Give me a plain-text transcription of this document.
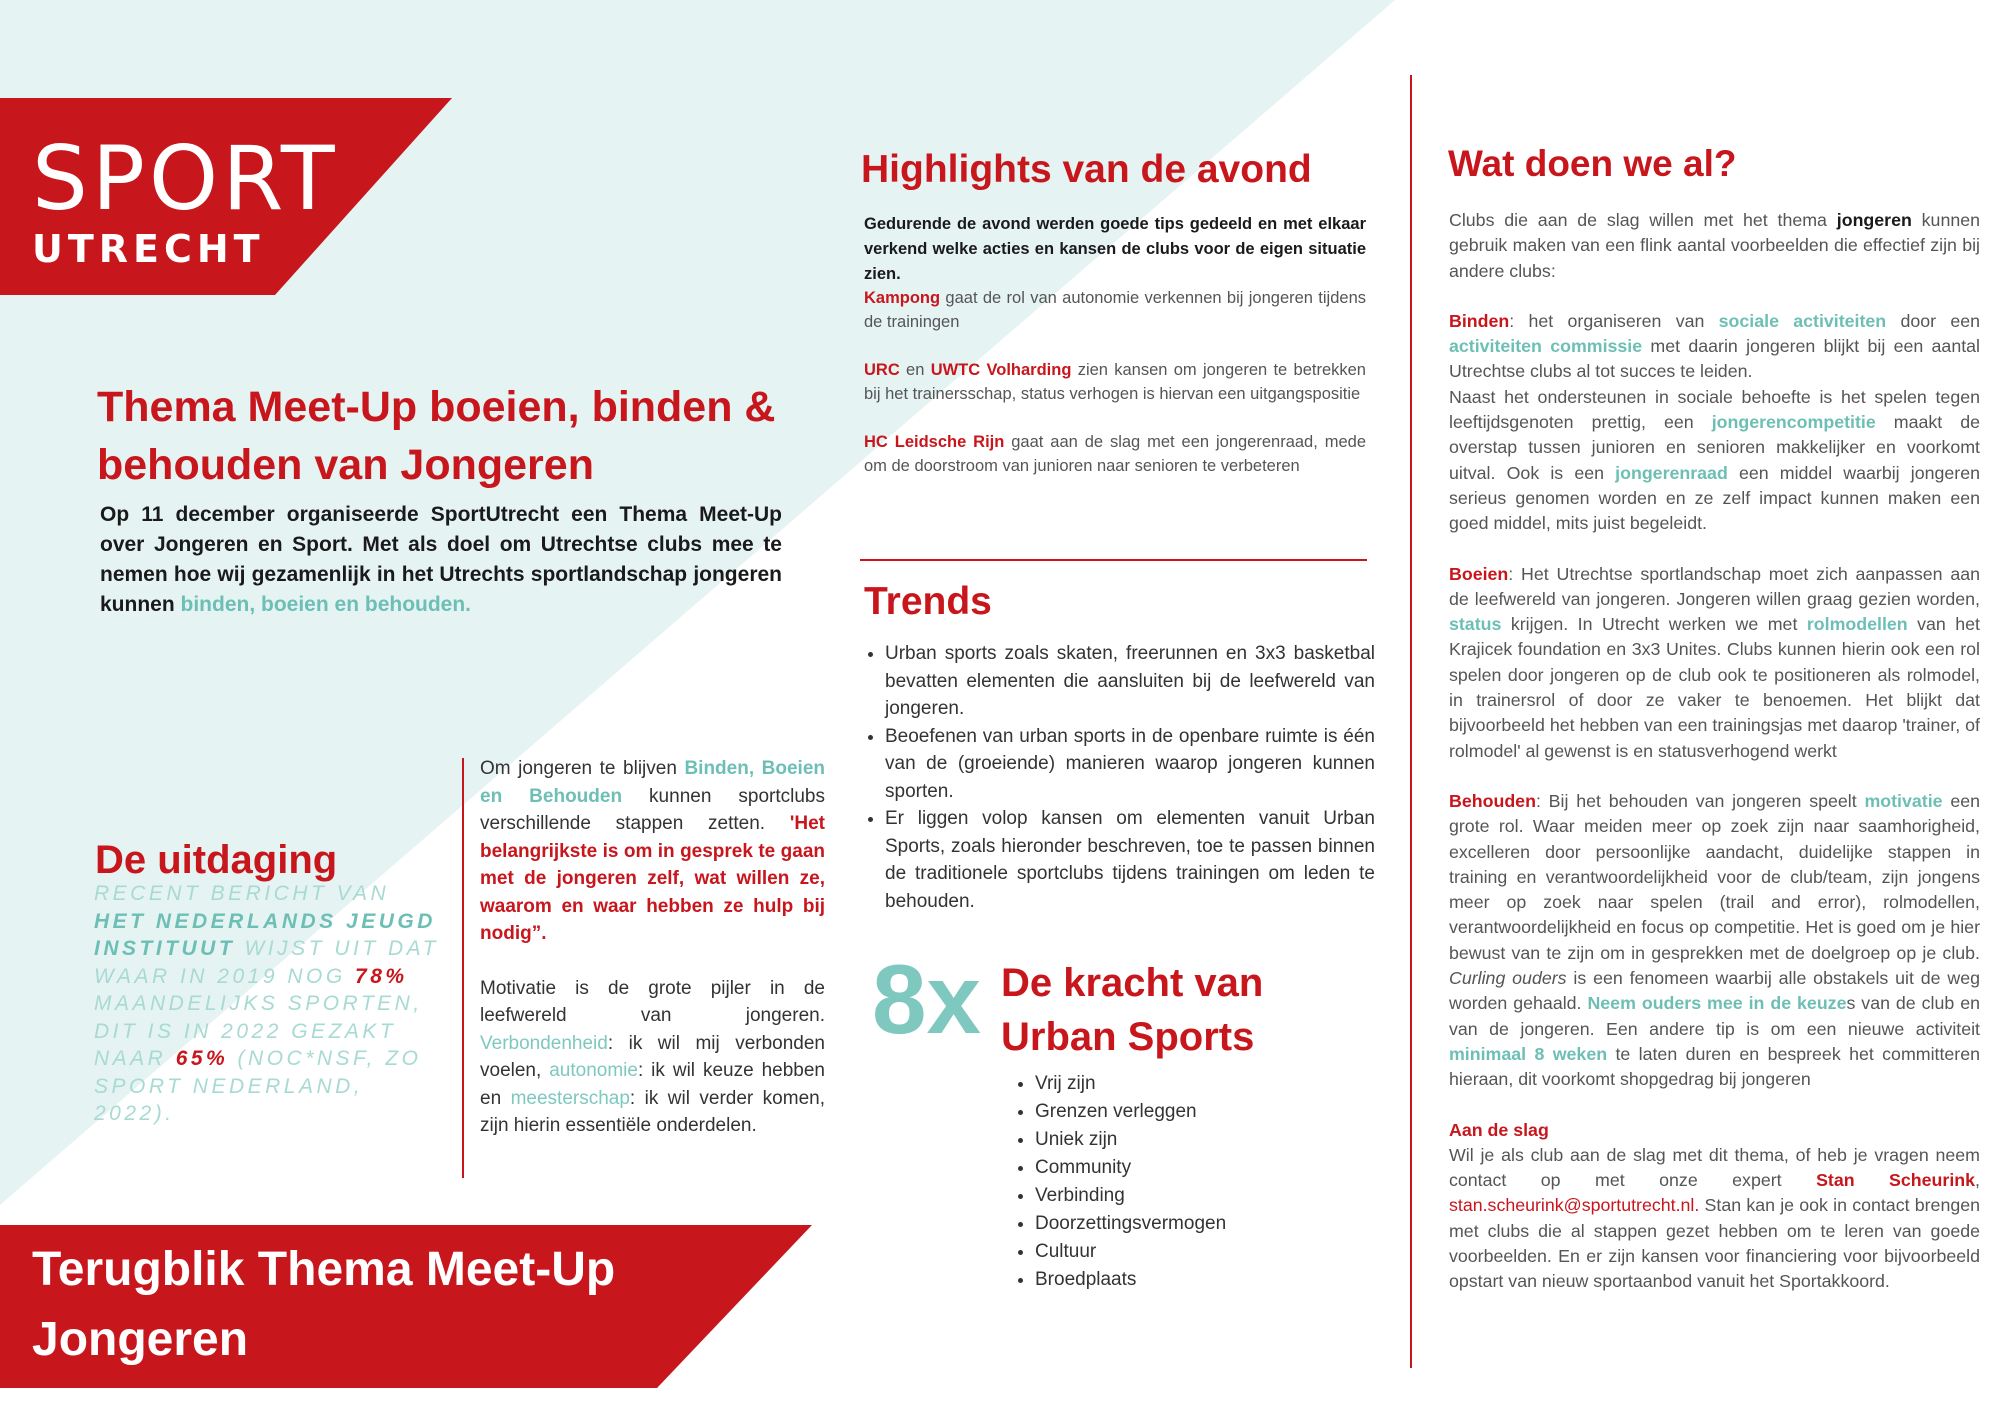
SPORT
UTRECHT
Thema Meet-Up boeien, binden & behouden van Jongeren
Op 11 december organiseerde SportUtrecht een Thema Meet-Up over Jongeren en Sport. Met als doel om Utrechtse clubs mee te nemen hoe wij gezamenlijk in het Utrechts sportlandschap jongeren kunnen binden, boeien en behouden.
De uitdaging
RECENT BERICHT VAN HET NEDERLANDS JEUGD INSTITUUT WIJST UIT DAT WAAR IN 2019 NOG 78% MAANDELIJKS SPORTEN, DIT IS IN 2022 GEZAKT NAAR 65% (NOC*NSF, ZO SPORT NEDERLAND, 2022).
Om jongeren te blijven Binden, Boeien en Behouden kunnen sportclubs verschillende stappen zetten. 'Het belangrijkste is om in gesprek te gaan met de jongeren zelf, wat willen ze, waarom en waar hebben ze hulp bij nodig”.
Motivatie is de grote pijler in de leefwereld van jongeren. Verbondenheid: ik wil mij verbonden voelen, autonomie: ik wil keuze hebben en meesterschap: ik wil verder komen, zijn hierin essentiële onderdelen.
Terugblik Thema Meet-Up
Jongeren
Highlights van de avond
Gedurende de avond werden goede tips gedeeld en met elkaar verkend welke acties en kansen de clubs voor de eigen situatie zien.

Kampong gaat de rol van autonomie verkennen bij jongeren tijdens de trainingen

URC en UWTC Volharding zien kansen om jongeren te betrekken bij het trainersschap, status verhogen is hiervan een uitgangspositie

HC Leidsche Rijn gaat aan de slag met een jongerenraad, mede om de doorstroom van junioren naar senioren te verbeteren

Trends
• Urban sports zoals skaten, freerunnen en 3x3 basketbal bevatten elementen die aansluiten bij de leefwereld van jongeren.
• Beoefenen van urban sports in de openbare ruimte is één van de (groeiende) manieren waarop jongeren kunnen sporten.
• Er liggen volop kansen om elementen vanuit Urban Sports, zoals hieronder beschreven, toe te passen binnen de traditionele sportclubs tijdens trainingen om leden te behouden.
8x De kracht van
Urban Sports
• Vrij zijn
• Grenzen verleggen
• Uniek zijn
• Community
• Verbinding
• Doorzettingsvermogen
• Cultuur
• Broedplaats
Wat doen we al?

Clubs die aan de slag willen met het thema jongeren kunnen gebruik maken van een flink aantal voorbeelden die effectief zijn bij andere clubs:

Binden: het organiseren van sociale activiteiten door een activiteiten commissie met daarin jongeren blijkt bij een aantal Utrechtse clubs al tot succes te leiden.
Naast het ondersteunen in sociale behoefte is het spelen tegen leeftijdsgenoten prettig, een jongerencompetitie maakt de overstap tussen junioren en senioren makkelijker en voorkomt uitval. Ook is een jongerenraad een middel waarbij jongeren serieus genomen worden en ze zelf impact kunnen maken een goed middel, mits juist begeleidt.

Boeien: Het Utrechtse sportlandschap moet zich aanpassen aan de leefwereld van jongeren. Jongeren willen graag gezien worden, status krijgen. In Utrecht werken we met rolmodellen van het Krajicek foundation en 3x3 Unites. Clubs kunnen hierin ook een rol spelen door jongeren op de club ook te positioneren als rolmodel, in trainersrol of door ze vaker te benoemen. Het blijkt dat bijvoorbeeld het hebben van een trainingsjas met daarop 'trainer, of rolmodel' al gewenst is en statusverhogend werkt

Behouden: Bij het behouden van jongeren speelt motivatie een grote rol. Waar meiden meer op zoek zijn naar saamhorigheid, excelleren door persoonlijke aandacht, duidelijke stappen in training en verantwoordelijkheid voor de club/team, zijn jongens meer op zoek naar spelen (trail and error), rolmodellen, verantwoordelijkheid en focus op competitie. Het is goed om je hier bewust van te zijn om in gesprekken met de doelgroep op je club. Curling ouders is een fenomeen waarbij alle obstakels uit de weg worden gehaald. Neem ouders mee in de keuzes van de club en van de jongeren. Een andere tip is om een nieuwe activiteit minimaal 8 weken te laten duren en bespreek het committeren hieraan, dit voorkomt shopgedrag bij jongeren

Aan de slag
Wil je als club aan de slag met dit thema, of heb je vragen neem contact op met onze expert Stan Scheurink, stan.scheurink@sportutrecht.nl. Stan kan je ook in contact brengen met clubs die al stappen gezet hebben om te leren van goede voorbeelden. En er zijn kansen voor financiering voor bijvoorbeeld opstart van nieuw sportaanbod vanuit het Sportakkoord.
